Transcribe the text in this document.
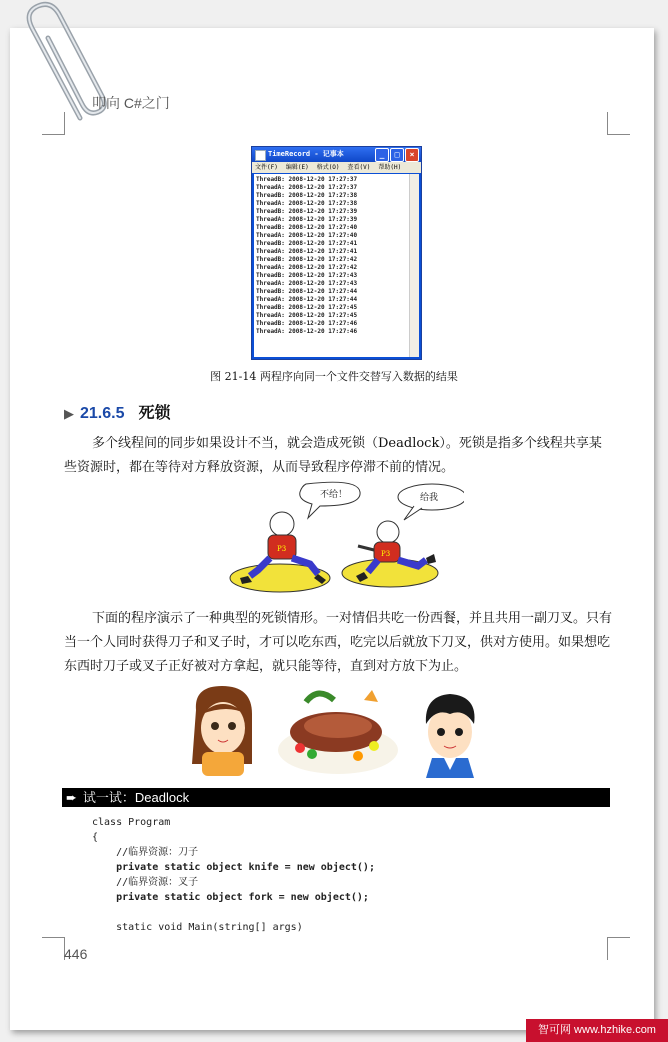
叩向 C#之门
TimeRecord - 记事本	_	□	×
文件(F) 编辑(E) 格式(O) 查看(V) 帮助(H)
ThreadB: 2008-12-20 17:27:37
ThreadA: 2008-12-20 17:27:37
ThreadB: 2008-12-20 17:27:38
ThreadA: 2008-12-20 17:27:38
ThreadB: 2008-12-20 17:27:39
ThreadA: 2008-12-20 17:27:39
ThreadB: 2008-12-20 17:27:40
ThreadA: 2008-12-20 17:27:40
ThreadB: 2008-12-20 17:27:41
ThreadA: 2008-12-20 17:27:41
ThreadB: 2008-12-20 17:27:42
ThreadA: 2008-12-20 17:27:42
ThreadB: 2008-12-20 17:27:43
ThreadA: 2008-12-20 17:27:43
ThreadB: 2008-12-20 17:27:44
ThreadA: 2008-12-20 17:27:44
ThreadB: 2008-12-20 17:27:45
ThreadA: 2008-12-20 17:27:45
ThreadB: 2008-12-20 17:27:46
ThreadA: 2008-12-20 17:27:46
图 21-14 两程序向同一个文件交替写入数据的结果
▶ 21.6.5 死锁
多个线程间的同步如果设计不当，就会造成死锁（Deadlock）。死锁是指多个线程共享某些资源时，都在等待对方释放资源，从而导致程序停滞不前的情况。
不给！	给我
P3
P3
下面的程序演示了一种典型的死锁情形。一对情侣共吃一份西餐，并且共用一副刀叉。只有当一个人同时获得刀子和叉子时，才可以吃东西，吃完以后就放下刀叉，供对方使用。如果想吃东西时刀子或叉子正好被对方拿起，就只能等待，直到对方放下为止。
➨ 试一试：Deadlock
class Program
{
//临界资源：刀子
private static object knife = new object();
//临界资源：叉子
private static object fork = new object();
static void Main(string[] args)
446
智可网 www.hzhike.com
